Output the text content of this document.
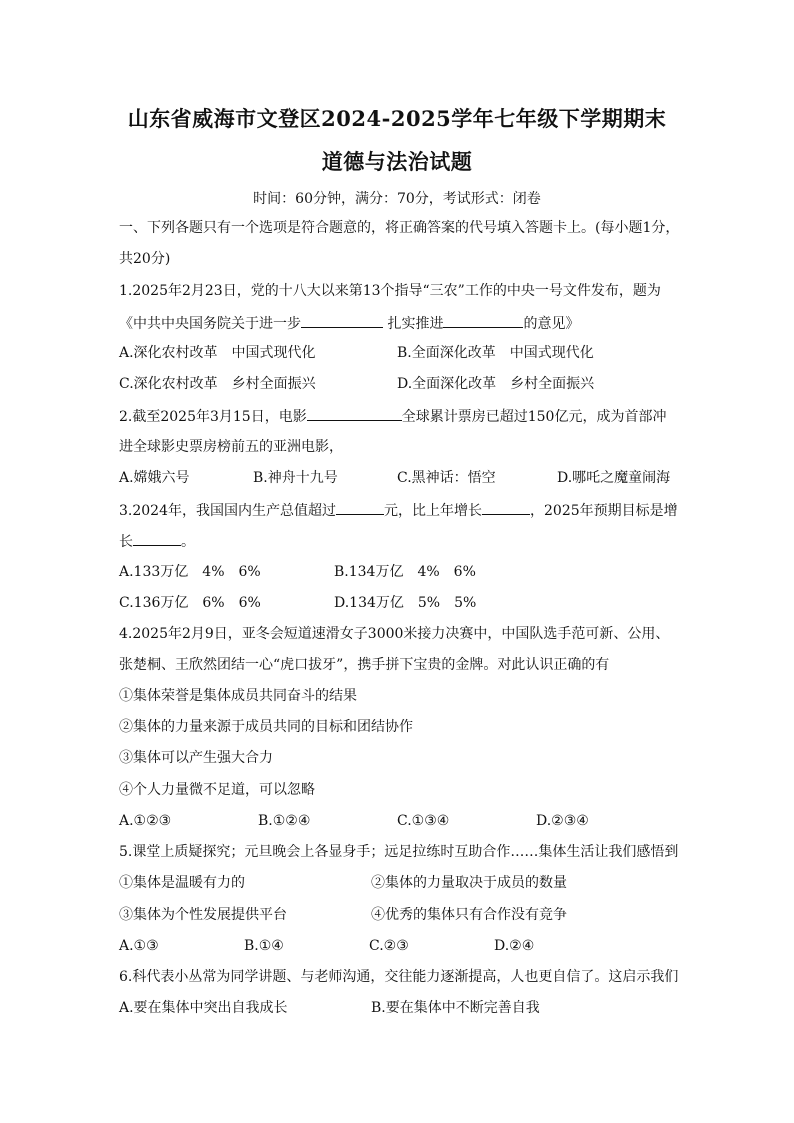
山东省威海市文登区2024-2025学年七年级下学期期末
道德与法治试题
时间：60分钟，满分：70分，考试形式：闭卷
一、下列各题只有一个选项是符合题意的，将正确答案的代号填入答题卡上。(每小题1分，
共20分)
1.2025年2月23日，党的十八大以来第13个指导“三农”工作的中央一号文件发布，题为
《中共中央国务院关于进一步	扎实推进	的意见》
A.深化农村改革　中国式现代化	B.全面深化改革　中国式现代化
C.深化农村改革　乡村全面振兴	D.全面深化改革　乡村全面振兴
2.截至2025年3月15日，电影	全球累计票房已超过150亿元，成为首部冲
进全球影史票房榜前五的亚洲电影，
A.嫦娥六号	B.神舟十九号	C.黑神话：悟空	D.哪吒之魔童闹海
3.2024年，我国国内生产总值超过	元，比上年增长	，2025年预期目标是增
长	。
A.133万亿　4%　6%	B.134万亿　4%　6%
C.136万亿　6%　6%	D.134万亿　5%　5%
4.2025年2月9日，亚冬会短道速滑女子3000米接力决赛中，中国队选手范可新、公用、
张楚桐、王欣然团结一心“虎口拔牙”，携手拼下宝贵的金牌。对此认识正确的有
①集体荣誉是集体成员共同奋斗的结果
②集体的力量来源于成员共同的目标和团结协作
③集体可以产生强大合力
④个人力量微不足道，可以忽略
A.①②③	B.①②④	C.①③④	D.②③④
5.课堂上质疑探究；元旦晚会上各显身手；远足拉练时互助合作……集体生活让我们感悟到
①集体是温暖有力的	②集体的力量取决于成员的数量
③集体为个性发展提供平台	④优秀的集体只有合作没有竞争
A.①③	B.①④	C.②③	D.②④
6.科代表小丛常为同学讲题、与老师沟通，交往能力逐渐提高，人也更自信了。这启示我们
A.要在集体中突出自我成长	B.要在集体中不断完善自我
